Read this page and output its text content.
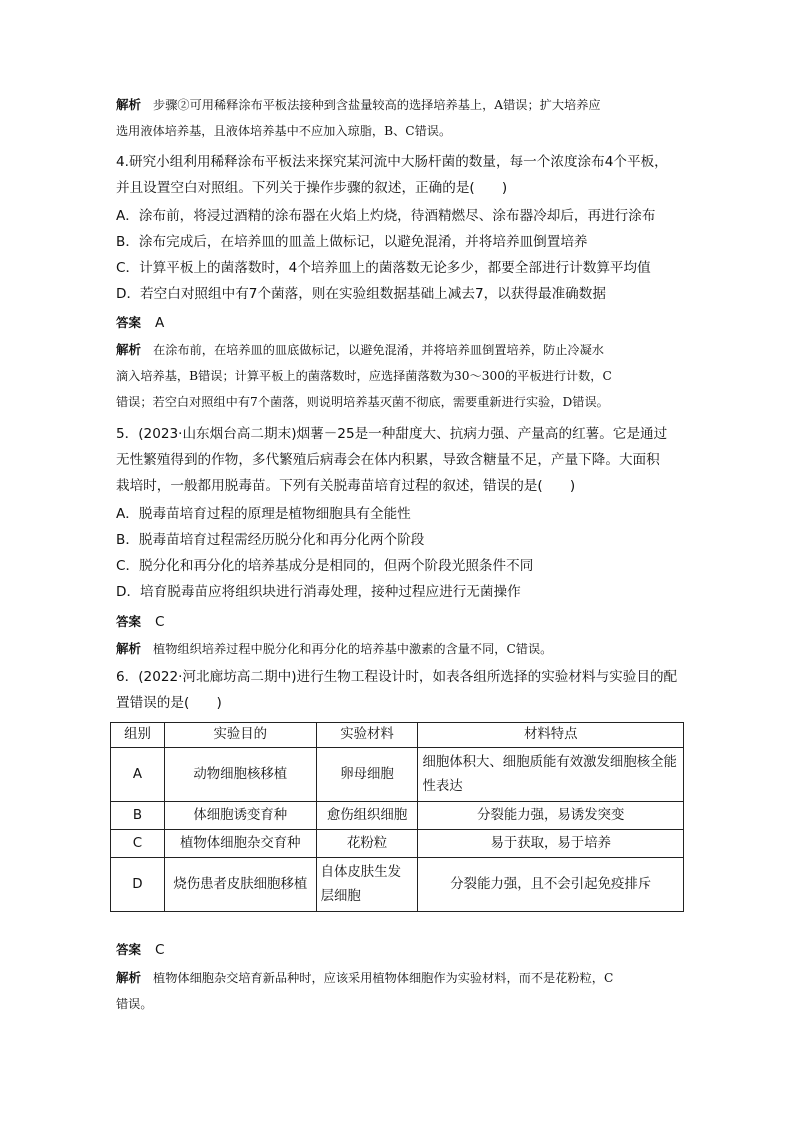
解析 步骤②可用稀释涂布平板法接种到含盐量较高的选择培养基上，A错误；扩大培养应
选用液体培养基，且液体培养基中不应加入琼脂，B、C错误。

4.研究小组利用稀释涂布平板法来探究某河流中大肠杆菌的数量，每一个浓度涂布4个平板，
并且设置空白对照组。下列关于操作步骤的叙述，正确的是(　　)

A．涂布前，将浸过酒精的涂布器在火焰上灼烧，待酒精燃尽、涂布器冷却后，再进行涂布
B．涂布完成后，在培养皿的皿盖上做标记，以避免混淆，并将培养皿倒置培养
C．计算平板上的菌落数时，4个培养皿上的菌落数无论多少，都要全部进行计数算平均值
D．若空白对照组中有7个菌落，则在实验组数据基础上减去7，以获得最准确数据

答案 A

解析 在涂布前，在培养皿的皿底做标记，以避免混淆，并将培养皿倒置培养，防止冷凝水
滴入培养基，B错误；计算平板上的菌落数时，应选择菌落数为30～300的平板进行计数，C
错误；若空白对照组中有7个菌落，则说明培养基灭菌不彻底，需要重新进行实验，D错误。

5．(2023·山东烟台高二期末)烟薯－25是一种甜度大、抗病力强、产量高的红薯。它是通过
无性繁殖得到的作物，多代繁殖后病毒会在体内积累，导致含糖量不足，产量下降。大面积
栽培时，一般都用脱毒苗。下列有关脱毒苗培育过程的叙述，错误的是(　　)

A．脱毒苗培育过程的原理是植物细胞具有全能性
B．脱毒苗培育过程需经历脱分化和再分化两个阶段
C．脱分化和再分化的培养基成分是相同的，但两个阶段光照条件不同
D．培育脱毒苗应将组织块进行消毒处理，接种过程应进行无菌操作

答案 C

解析 植物组织培养过程中脱分化和再分化的培养基中激素的含量不同，C错误。

6．(2022·河北廊坊高二期中)进行生物工程设计时，如表各组所选择的实验材料与实验目的配
置错误的是(　　)

组别	实验目的	实验材料	材料特点
A	动物细胞核移植	卵母细胞	细胞体积大、细胞质能有效激发细胞核全能性表达
B	体细胞诱变育种	愈伤组织细胞	分裂能力强，易诱发突变
C	植物体细胞杂交育种	花粉粒	易于获取，易于培养
D	烧伤患者皮肤细胞移植	自体皮肤生发层细胞	分裂能力强，且不会引起免疫排斥

答案 C

解析 植物体细胞杂交培育新品种时，应该采用植物体细胞作为实验材料，而不是花粉粒，C
错误。
